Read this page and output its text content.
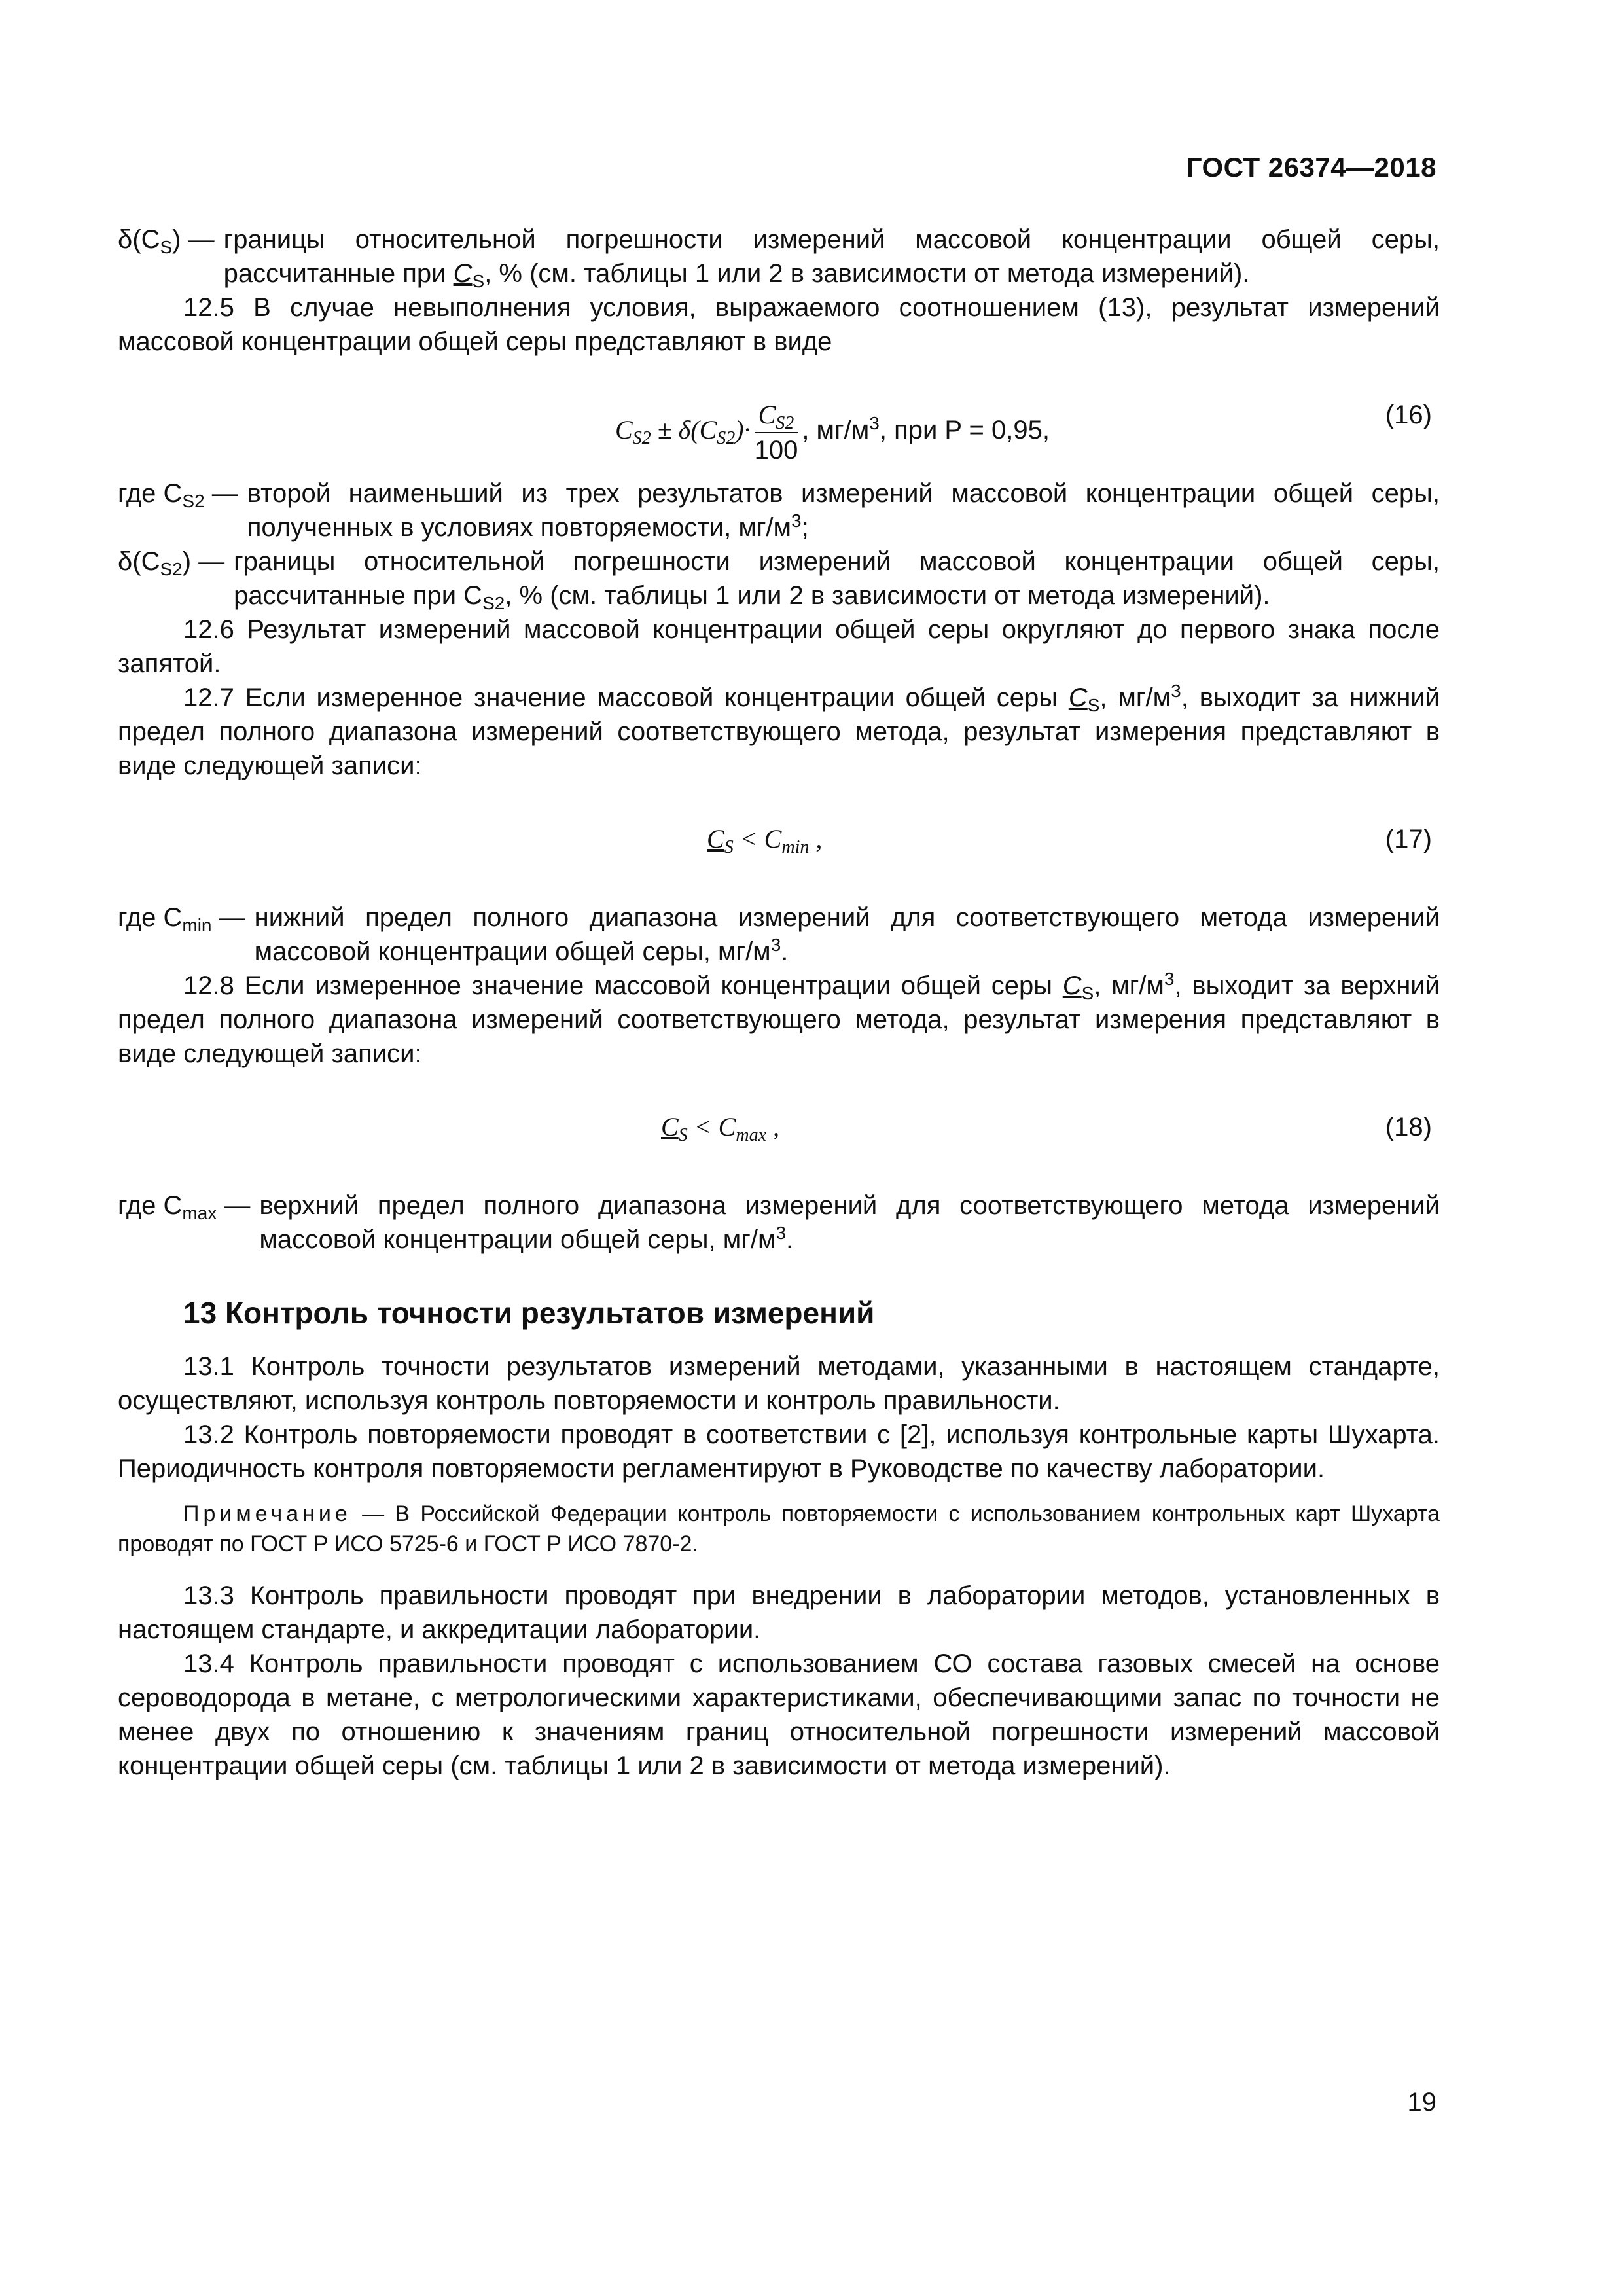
ГОСТ 26374—2018
$\delta(C_S)$ — границы относительной погрешности измерений массовой концентрации общей серы, рассчитанные при $C_S$, % (см. таблицы 1 или 2 в зависимости от метода измерений).

12.5 В случае невыполнения условия, выражаемого соотношением (13), результат измерений массовой концентрации общей серы представляют в виде

$C_{S2} \pm \delta(C_{S2})\cdot \frac{C_{S2}}{100}$ , $мг/м^3$, при P = 0,95,
(16)
где $C_{S2}$ — второй наименьший из трех результатов измерений массовой концентрации общей серы, полученных в условиях повторяемости, $мг/м^3$;
$\delta(C_{S2})$ — границы относительной погрешности измерений массовой концентрации общей серы, рассчитанные при $C_{S2}$, % (см. таблицы 1 или 2 в зависимости от метода измерений).

12.6 Результат измерений массовой концентрации общей серы округляют до первого знака после запятой.

12.7 Если измеренное значение массовой концентрации общей серы $C_S$, $мг/м^3$, выходит за нижний предел полного диапазона измерений соответствующего метода, результат измерения представляют в виде следующей записи:

$C_S < C_{min}$ ,	(17)
где $C_{min}$ — нижний предел полного диапазона измерений для соответствующего метода измерений массовой концентрации общей серы, $мг/м^3$.

12.8 Если измеренное значение массовой концентрации общей серы $C_S$, $мг/м^3$, выходит за верхний предел полного диапазона измерений соответствующего метода, результат измерения представляют в виде следующей записи:

$C_S < C_{max}$ ,	(18)
где $C_{max}$ — верхний предел полного диапазона измерений для соответствующего метода измерений массовой концентрации общей серы, $мг/м^3$.
13 Контроль точности результатов измерений

13.1 Контроль точности результатов измерений методами, указанными в настоящем стандарте, осуществляют, используя контроль повторяемости и контроль правильности.

13.2 Контроль повторяемости проводят в соответствии с [2], используя контрольные карты Шухарта. Периодичность контроля повторяемости регламентируют в Руководстве по качеству лаборатории.

Примечание — В Российской Федерации контроль повторяемости с использованием контрольных карт Шухарта проводят по ГОСТ Р ИСО 5725-6 и ГОСТ Р ИСО 7870-2.

13.3 Контроль правильности проводят при внедрении в лаборатории методов, установленных в настоящем стандарте, и аккредитации лаборатории.

13.4 Контроль правильности проводят с использованием СО состава газовых смесей на основе сероводорода в метане, с метрологическими характеристиками, обеспечивающими запас по точности не менее двух по отношению к значениям границ относительной погрешности измерений массовой концентрации общей серы (см. таблицы 1 или 2 в зависимости от метода измерений).

19
